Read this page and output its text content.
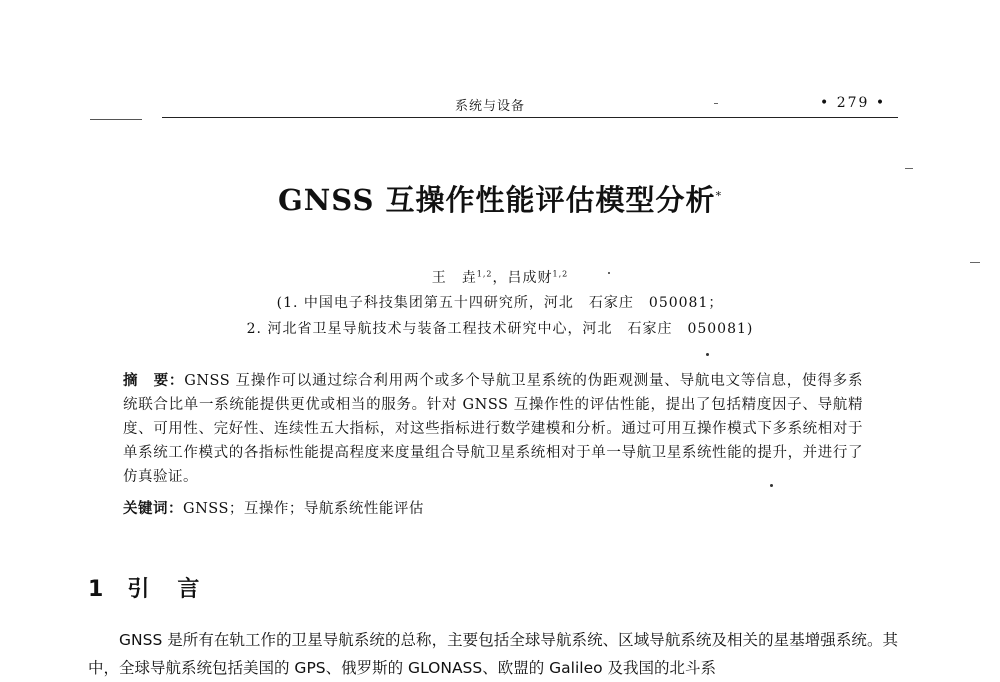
系统与设备	• 279 •
GNSS 互操作性能评估模型分析*
王　垚$^{1,2}$，吕成财$^{1,2}$
(1. 中国电子科技集团第五十四研究所，河北　石家庄　050081；
2. 河北省卫星导航技术与装备工程技术研究中心，河北　石家庄　050081)
摘　要：GNSS 互操作可以通过综合利用两个或多个导航卫星系统的伪距观测量、导航电文等信息，使得多系统联合比单一系统能提供更优或相当的服务。针对 GNSS 互操作性的评估性能，提出了包括精度因子、导航精度、可用性、完好性、连续性五大指标，对这些指标进行数学建模和分析。通过可用互操作模式下多系统相对于单系统工作模式的各指标性能提高程度来度量组合导航卫星系统相对于单一导航卫星系统性能的提升，并进行了仿真验证。
关键词：GNSS；互操作；导航系统性能评估
1 引 言
GNSS 是所有在轨工作的卫星导航系统的总称，主要包括全球导航系统、区域导航系统及相关的星基增强系统。其中，全球导航系统包括美国的 GPS、俄罗斯的 GLONASS、欧盟的 Galileo 及我国的北斗系
